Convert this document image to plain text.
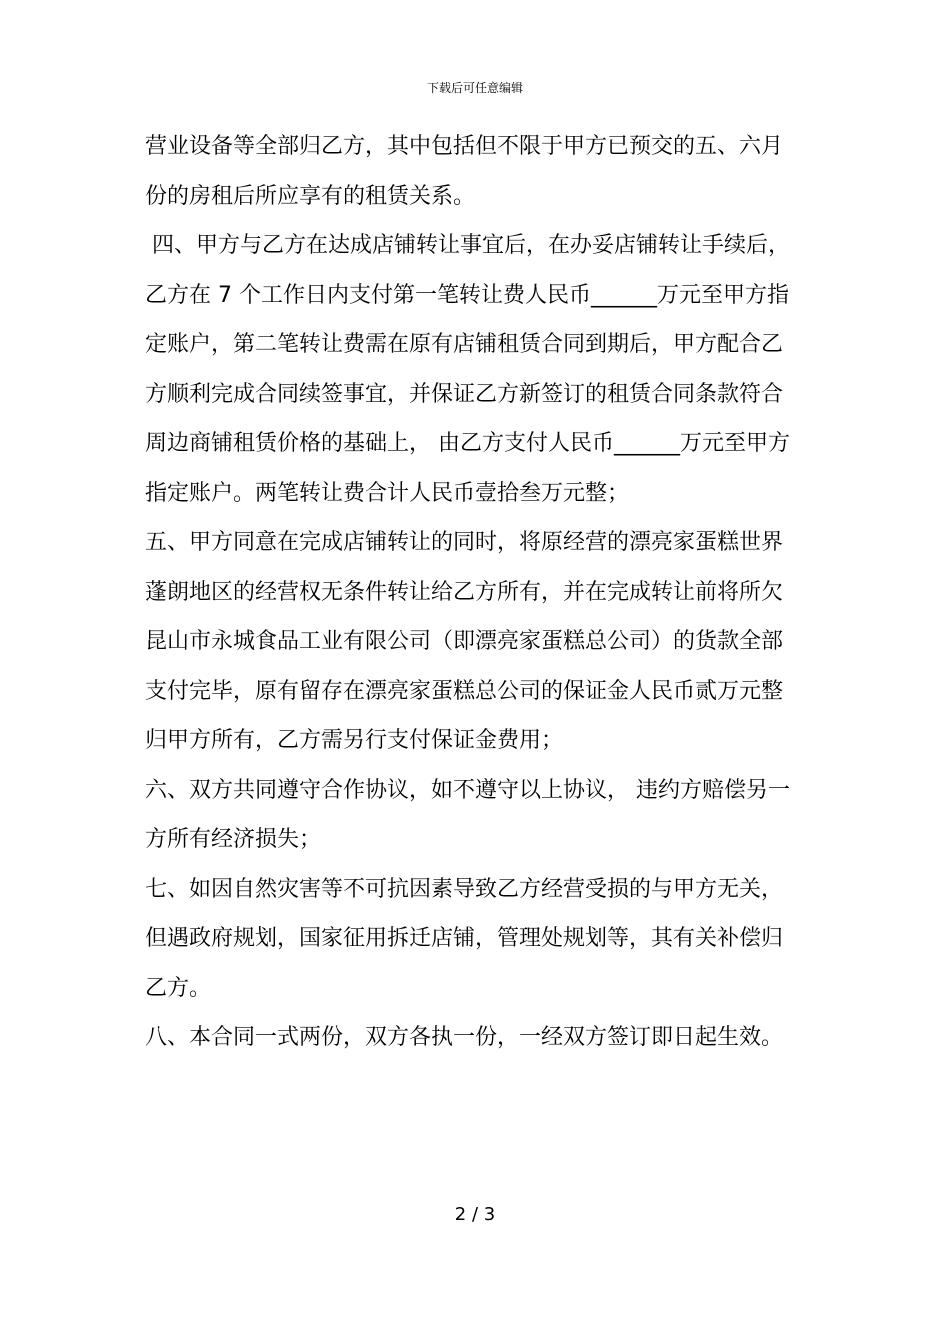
下载后可任意编辑
营业设备等全部归乙方，其中包括但不限于甲方已预交的五、六月
份的房租后所应享有的租赁关系。
四、甲方与乙方在达成店铺转让事宜后，在办妥店铺转让手续后，
乙方在 7 个工作日内支付第一笔转让费人民币______万元至甲方指
定账户，第二笔转让费需在原有店铺租赁合同到期后，甲方配合乙
方顺利完成合同续签事宜，并保证乙方新签订的租赁合同条款符合
周边商铺租赁价格的基础上， 由乙方支付人民币______万元至甲方
指定账户。两笔转让费合计人民币壹拾叁万元整；
五、甲方同意在完成店铺转让的同时，将原经营的漂亮家蛋糕世界
蓬朗地区的经营权无条件转让给乙方所有，并在完成转让前将所欠
昆山市永城食品工业有限公司（即漂亮家蛋糕总公司）的货款全部
支付完毕，原有留存在漂亮家蛋糕总公司的保证金人民币贰万元整
归甲方所有，乙方需另行支付保证金费用；
六、双方共同遵守合作协议，如不遵守以上协议， 违约方赔偿另一
方所有经济损失；
七、如因自然灾害等不可抗因素导致乙方经营受损的与甲方无关，
但遇政府规划，国家征用拆迁店铺，管理处规划等，其有关补偿归
乙方。
八、本合同一式两份，双方各执一份，一经双方签订即日起生效。
2 / 3
